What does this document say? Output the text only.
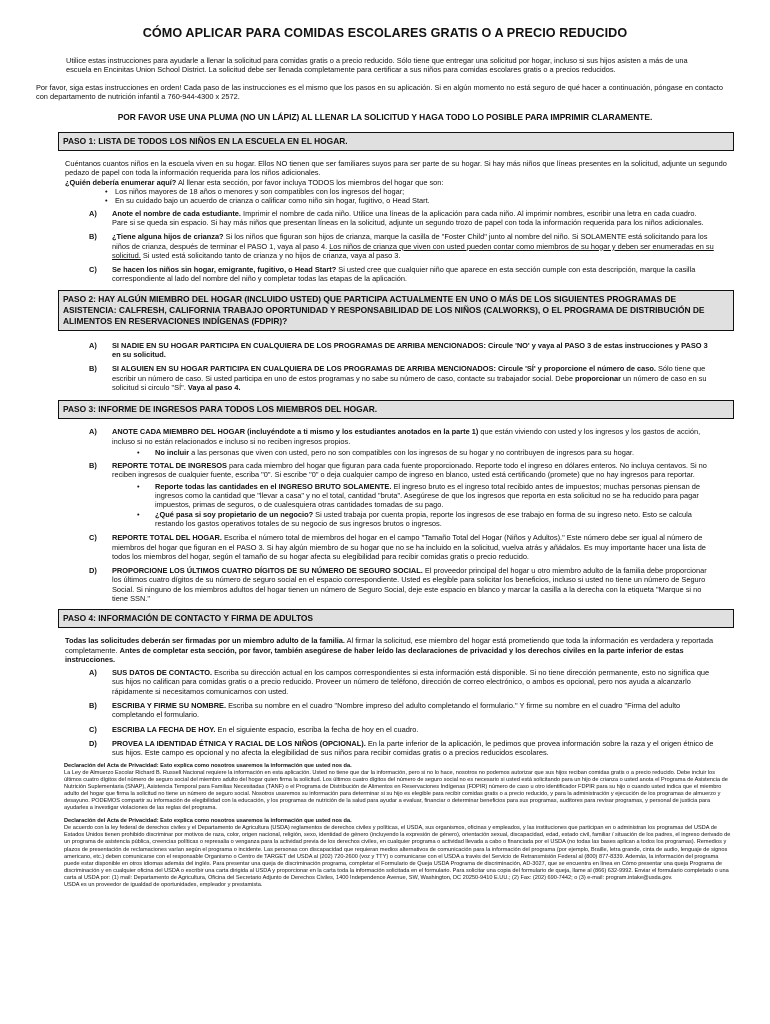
CÓMO APLICAR PARA COMIDAS ESCOLARES GRATIS O A PRECIO REDUCIDO
Utilice estas instrucciones para ayudarle a llenar la solicitud para comidas gratis o a precio reducido. Sólo tiene que entregar una solicitud por hogar, incluso si sus hijos asisten a más de una escuela en Encinitas Union School District. La solicitud debe ser llenada completamente para certificar a sus niños para comidas escolares gratis o a precios reducidos.
Por favor, siga estas instrucciones en orden! Cada paso de las instrucciones es el mismo que los pasos en su aplicación. Si en algún momento no está seguro de qué hacer a continuación, póngase en contacto con departamento de nutrición infantil a 760-944-4300 x 2572.
POR FAVOR USE UNA PLUMA (NO UN LÁPIZ) AL LLENAR LA SOLICITUD Y HAGA TODO LO POSIBLE PARA IMPRIMIR CLARAMENTE.
PASO 1: LISTA DE TODOS LOS NIÑOS EN LA ESCUELA EN EL HOGAR.
Cuéntanos cuantos niños en la escuela viven en su hogar. Ellos NO tienen que ser familiares suyos para ser parte de su hogar. Si hay más niños que líneas presentes en la solicitud, adjunte un segundo pedazo de papel con toda la información requerida para los niños adicionales.
¿Quién debería enumerar aquí? Al llenar esta sección, por favor incluya TODOS los miembros del hogar que son:
• Los niños mayores de 18 años o menores y son compatibles con los ingresos del hogar;
• En su cuidado bajo un acuerdo de crianza o calificar como niño sin hogar, fugitivo, o Head Start.
A)	Anote el nombre de cada estudiante. Imprimir el nombre de cada niño. Utilice una líneas de la aplicación para cada niño. Al imprimir nombres, escribir una letra en cada cuadro. Pare si se queda sin espacio. Si hay más niños que presentan líneas en la solicitud, adjunte un segundo trozo de papel con toda la información requerida para los niños adicionales.
B)	¿Tiene alguna hijos de crianza? Si los niños que figuran son hijos de crianza, marque la casilla de "Foster Child" junto al nombre del niño. Si SOLAMENTE está solicitando para los niños de crianza, después de terminar el PASO 1, vaya al paso 4. Los niños de crianza que viven con usted pueden contar como miembros de su hogar y deben ser enumeradas en su solicitud. Si usted está solicitando tanto de crianza y no hijos de crianza, vaya al paso 3.
C)	Se hacen los niños sin hogar, emigrante, fugitivo, o Head Start? Si usted cree que cualquier niño que aparece en esta sección cumple con esta descripción, marque la casilla correspondiente al lado del nombre del niño y completar todas las etapas de la aplicación.
PASO 2: HAY ALGÚN MIEMBRO DEL HOGAR (INCLUIDO USTED) QUE PARTICIPA ACTUALMENTE EN UNO O MÁS DE LOS SIGUIENTES PROGRAMAS DE ASISTENCIA: CALFRESH, CALIFORNIA TRABAJO OPORTUNIDAD Y RESPONSABILIDAD DE LOS NIÑOS (CALWORKS), O EL PROGRAMA DE DISTRIBUCIÓN DE ALIMENTOS EN RESERVACIONES INDÍGENAS (FDPIR)?
A)	SI NADIE EN SU HOGAR PARTICIPA EN CUALQUIERA DE LOS PROGRAMAS DE ARRIBA MENCIONADOS: Circule 'NO' y vaya al PASO 3 de estas instrucciones y PASO 3 en su solicitud.
B)	SI ALGUIEN EN SU HOGAR PARTICIPA EN CUALQUIERA DE LOS PROGRAMAS DE ARRIBA MENCIONADOS: Circule 'SÍ' y proporcione el número de caso. Sólo tiene que escribir un número de caso. Si usted participa en uno de estos programas y no sabe su número de caso, contacte su trabajador social. Debe proporcionar un número de caso en su solicitud si circulo "SÍ". Vaya al paso 4.
PASO 3: INFORME DE INGRESOS PARA TODOS LOS MIEMBROS DEL HOGAR.
A)	ANOTE CADA MIEMBRO DEL HOGAR (incluyéndote a ti mismo y los estudiantes anotados en la parte 1) que están viviendo con usted y los ingresos y los gastos de acción, incluso si no están relacionados e incluso si no reciben ingresos propios.
• No incluir a las personas que viven con usted, pero no son compatibles con los ingresos de su hogar y no contribuyen de ingresos para su hogar.
B)	REPORTE TOTAL DE INGRESOS para cada miembro del hogar que figuran para cada fuente proporcionado. Reporte todo el ingreso en dólares enteros. No incluya centavos. Si no reciben ingresos de cualquier fuente, escriba "0". Si escribe "0" o deja cualquier campo de ingreso en blanco, usted está certificando (promete) que no hay ingresos para reportar.
• Reporte todas las cantidades en el INGRESO BRUTO SOLAMENTE. El ingreso bruto es el ingreso total recibido antes de impuestos; muchas personas piensan de ingresos como la cantidad que "llevar a casa" y no el total, cantidad "bruta". Asegúrese de que los ingresos que reporta en esta solicitud no se ha reducido para pagar impuestos, primas de seguros, o de cualesquiera otras cantidades tomadas de su pago.
• ¿Qué pasa si soy propietario de un negocio? Si usted trabaja por cuenta propia, reporte los ingresos de ese trabajo en forma de su ingreso neto. Esto se calcula restando los gastos operativos totales de su negocio de sus ingresos brutos o ingresos.
C)	REPORTE TOTAL DEL HOGAR. Escriba el número total de miembros del hogar en el campo "Tamaño Total del Hogar (Niños y Adultos)." Este número debe ser igual al número de miembros del hogar que figuran en el PASO 3. Si hay algún miembro de su hogar que no se ha incluido en la solicitud, vuelva atrás y añádalos. Es muy importante hacer una lista de todos los miembros del hogar, según el tamaño de su hogar afecta su elegibilidad para recibir comidas gratis o precio reducido.
D)	PROPORCIONE LOS ÚLTIMOS CUATRO DÍGITOS DE SU NÚMERO DE SEGURO SOCIAL. El proveedor principal del hogar u otro miembro adulto de la familia debe proporcionar los últimos cuatro dígitos de su número de seguro social en el espacio correspondiente. Usted es elegible para solicitar los beneficios, incluso si usted no tiene un número de Seguro Social. Si ninguno de los miembros adultos del hogar tienen un número de Seguro Social, deje este espacio en blanco y marcar la casilla a la derecha con la etiqueta "Marque si no tiene SSN."
PASO 4: INFORMACIÓN DE CONTACTO Y FIRMA DE ADULTOS
Todas las solicitudes deberán ser firmadas por un miembro adulto de la familia. Al firmar la solicitud, ese miembro del hogar está prometiendo que toda la información es verdadera y reportada completamente. Antes de completar esta sección, por favor, también asegúrese de haber leído las declaraciones de privacidad y los derechos civiles en la parte inferior de estas instrucciones.
A)	SUS DATOS DE CONTACTO. Escriba su dirección actual en los campos correspondientes si esta información está disponible. Si no tiene dirección permanente, esto no significa que sus hijos no califican para comidas gratis o a precio reducido. Proveer un número de teléfono, dirección de correo electrónico, o ambos es opcional, pero nos ayuda a alcanzarlo rápidamente si necesitamos comunicarnos con usted.
B)	ESCRIBA Y FIRME SU NOMBRE. Escriba su nombre en el cuadro "Nombre impreso del adulto completando el formulario." Y firme su nombre en el cuadro "Firma del adulto completando el formulario.
C)	ESCRIBA LA FECHA DE HOY. En el siguiente espacio, escriba la fecha de hoy en el cuadro.
D)	PROVEA LA IDENTIDAD ÉTNICA Y RACIAL DE LOS NIÑOS (OPCIONAL). En la parte inferior de la aplicación, le pedimos que provea información sobre la raza y el origen étnico de sus hijos. Este campo es opcional y no afecta la elegibilidad de sus niños para recibir comidas gratis o a precios reducidos escolares.
Declaración del Acta de Privacidad: Esto explica como nosotros usaremos la información que usted nos da.
La Ley de Almuerzo Escolar Richard B. Russell Nacional requiere la información en esta aplicación. Usted no tiene que dar la información, pero si no lo hace, nosotros no podemos autorizar que sus hijos reciban comidas gratis o a precio reducido. Debe incluir los últimos cuatro dígitos del número de seguro social del miembro adulto del hogar quien firma la solicitud. Los últimos cuatro dígitos del número de seguro social no es necesario si usted está solicitando para un hijo de crianza o usted anota el Programa de Asistencia de Nutrición Suplementaria (SNAP), Asistencia Temporal para Familias Necesitadas (TANF) o el Programa de Distribución de Alimentos en Reservaciones Indígenas (FDPIR) número de caso u otro identificador FDPIR para su hijo o cuando usted indica que el miembro adulto del hogar que firma la solicitud no tiene un número de seguro social. Nosotros usaremos su información para determinar si su hijo es elegible para recibir comidas gratis o a precio reducido, y para la administración y ejecución de los programas de almuerzo y desayuno. PODEMOS compartir su información de elegibilidad con la educación, y los programas de nutrición de la salud para ayudar a evaluar, financiar o determinar beneficios para sus programas, auditores para revisar programas, y personal de justicia para ayudarles a investigar violaciones de las reglas del programa.
Declaración del Acta de Privacidad: Esto explica como nosotros usaremos la información que usted nos da.
De acuerdo con la ley federal de derechos civiles y el Departamento de Agricultura (USDA) reglamentos de derechos civiles y políticas, el USDA, sus organismos, oficinas y empleados, y las instituciones que participan en o administran los programas del USDA de Estados Unidos tienen prohibido discriminar por motivos de raza, color, origen nacional, religión, sexo, identidad de género (incluyendo la expresión de género), orientación sexual, discapacidad, edad, estado civil, familiar / situación de los padres, el ingreso derivado de un programa de asistencia pública, creencias políticas o represalia o venganza para la actividad previa de los derechos civiles, en cualquier programa o actividad llevada a cabo o financiada por el USDA (no todas las bases aplican a todos los programas). Remedios y plazos de presentación de reclamaciones varían según el programa o incidente. Las personas con discapacidad que requieran medios alternativos de comunicación para la información del programa (por ejemplo, Braille, letra grande, cinta de audio, lenguaje de signos americano, etc.) deben comunicarse con el responsable Organismo o Centro de TARGET del USDA al (202) 720-2600 (voz y TTY) o comunicarse con el USDA a través del Servicio de Retransmisión Federal al (800) 877-8339. Además, la información del programa puede estar disponible en otros idiomas además del inglés. Para presentar una queja de discriminación programa, completar el Formulario de Queja USDA Programa de discriminación, AD-3027, que se encuentra en línea en Cómo presentar una queja Programa de discriminación y en cualquier oficina del USDA o escribir una carta dirigida al USDA y proporcionar en la carta toda la información solicitada en el formulario. Para solicitar una copia del formulario de queja, llame al (866) 632-9992. Enviar el formulario completado o una carta al USDA por: (1) mail: Departamento de Agricultura, Oficina del Secretario Adjunto de Derechos Civiles, 1400 Independence Avenue, SW, Washington, DC 20250-9410 E.UU.; (2) Fax: (202) 690-7442; o (3) e-mail: program.intake@usda.gov.
USDA es un proveedor de igualdad de oportunidades, empleador y prestamista.
